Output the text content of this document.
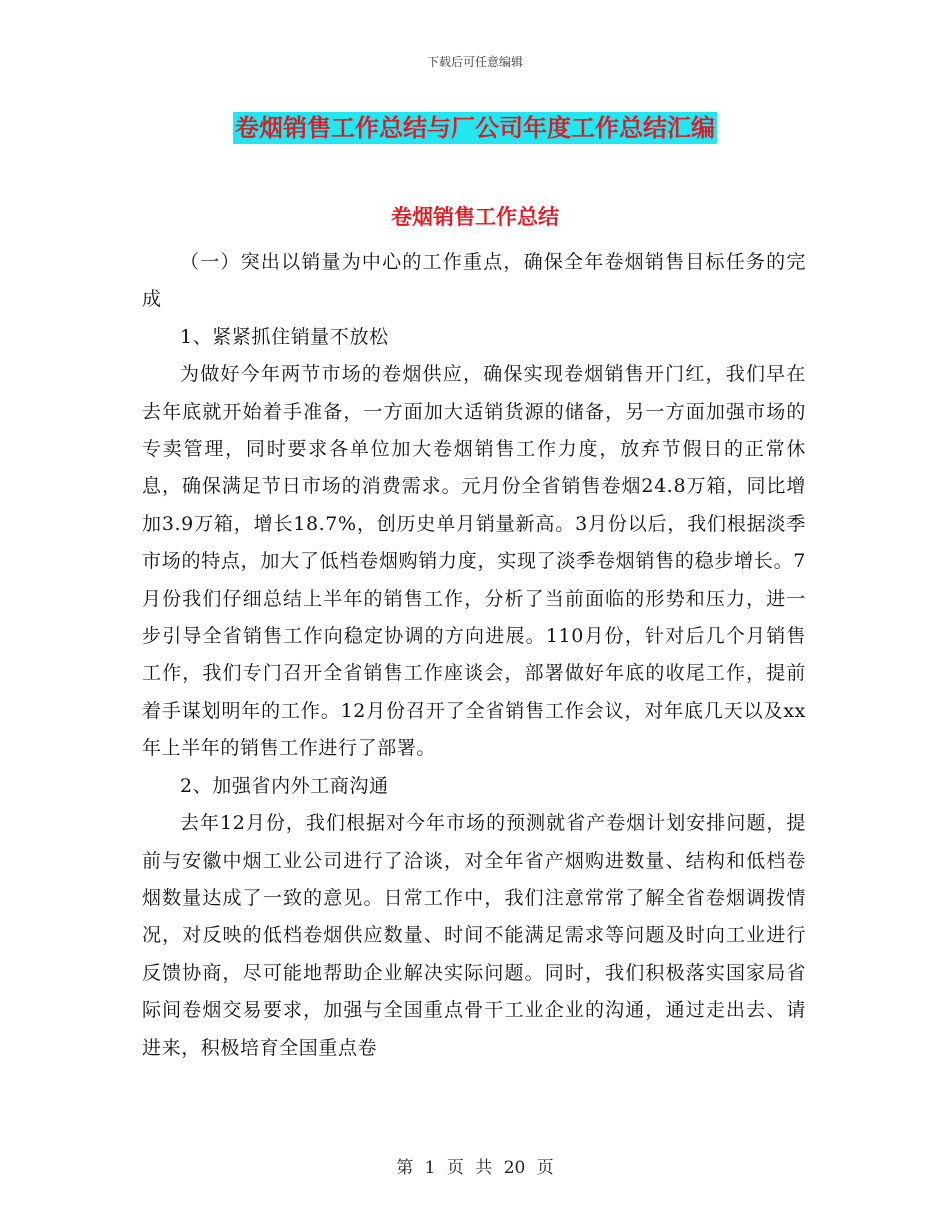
下载后可任意编辑
卷烟销售工作总结与厂公司年度工作总结汇编
卷烟销售工作总结

（一）突出以销量为中心的工作重点，确保全年卷烟销售目标任务的完成

1、紧紧抓住销量不放松

为做好今年两节市场的卷烟供应，确保实现卷烟销售开门红，我们早在去年底就开始着手准备，一方面加大适销货源的储备，另一方面加强市场的专卖管理，同时要求各单位加大卷烟销售工作力度，放弃节假日的正常休息，确保满足节日市场的消费需求。元月份全省销售卷烟24.8万箱，同比增加3.9万箱，增长18.7%，创历史单月销量新高。3月份以后，我们根据淡季市场的特点，加大了低档卷烟购销力度，实现了淡季卷烟销售的稳步增长。7月份我们仔细总结上半年的销售工作，分析了当前面临的形势和压力，进一步引导全省销售工作向稳定协调的方向进展。110月份，针对后几个月销售工作，我们专门召开全省销售工作座谈会，部署做好年底的收尾工作，提前着手谋划明年的工作。12月份召开了全省销售工作会议，对年底几天以及xx年上半年的销售工作进行了部署。

2、加强省内外工商沟通

去年12月份，我们根据对今年市场的预测就省产卷烟计划安排问题，提前与安徽中烟工业公司进行了洽谈，对全年省产烟购进数量、结构和低档卷烟数量达成了一致的意见。日常工作中，我们注意常常了解全省卷烟调拨情况，对反映的低档卷烟供应数量、时间不能满足需求等问题及时向工业进行反馈协商，尽可能地帮助企业解决实际问题。同时，我们积极落实国家局省际间卷烟交易要求，加强与全国重点骨干工业企业的沟通，通过走出去、请进来，积极培育全国重点卷

第 1 页 共 20 页
